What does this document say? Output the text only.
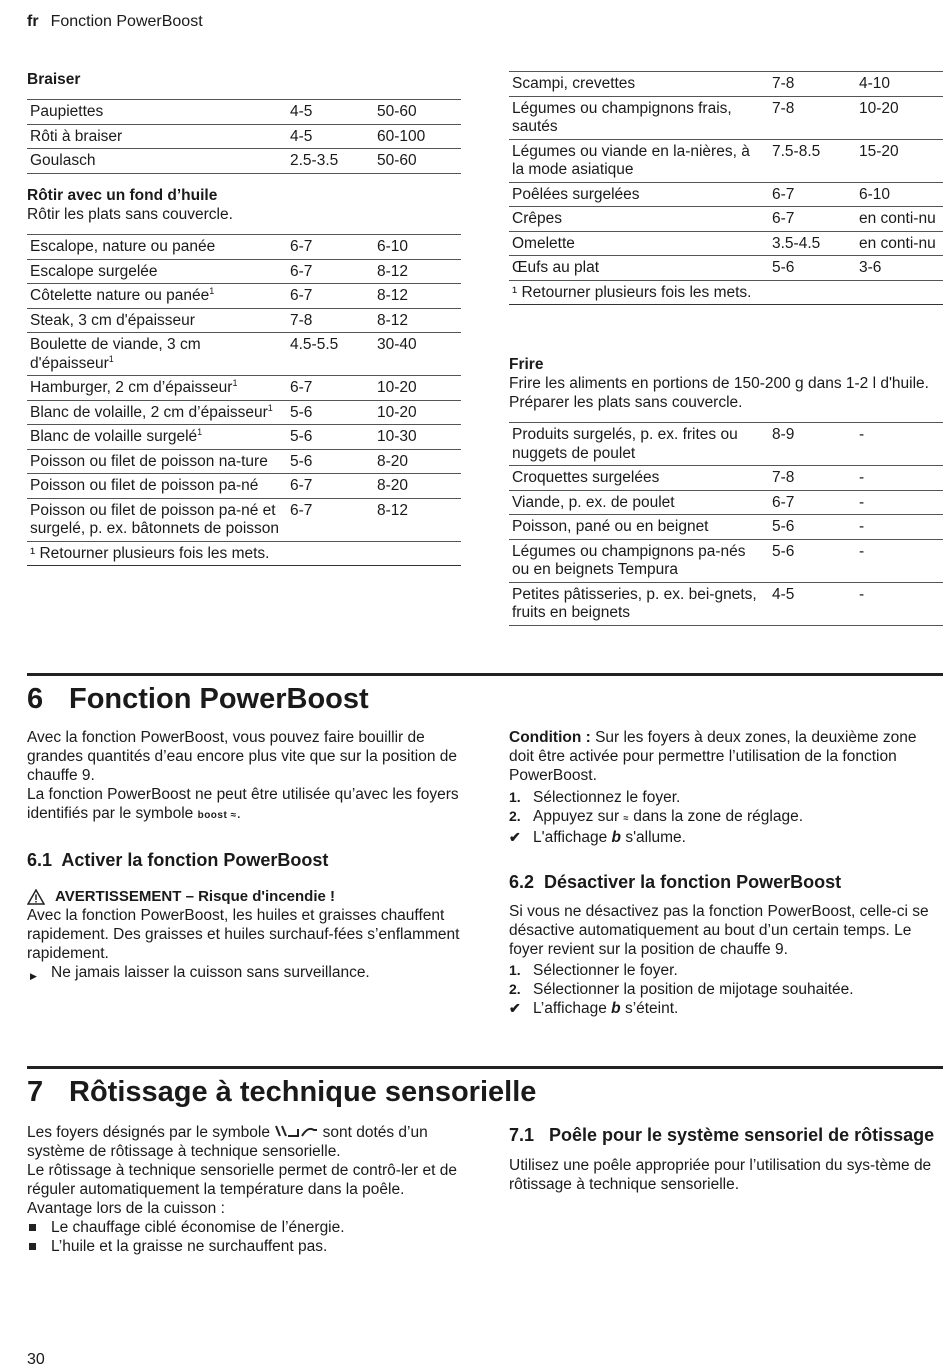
fr Fonction PowerBoost
Braiser
Paupiettes	4-5	50-60
Rôti à braiser	4-5	60-100
Goulasch	2.5-3.5	50-60
Rôtir avec un fond d’huile
Rôtir les plats sans couvercle.
Escalope, nature ou panée	6-7	6-10
Escalope surgelée	6-7	8-12
Côtelette nature ou panée$^1$	6-7	8-12
Steak, 3 cm d'épaisseur	7-8	8-12
Boulette de viande, 3 cm d'épaisseur$^1$	4.5-5.5	30-40
Hamburger, 2 cm d’épaisseur$^1$	6-7	10-20
Blanc de volaille, 2 cm d’épaisseur$^1$	5-6	10-20
Blanc de volaille surgelé$^1$	5-6	10-30
Poisson ou filet de poisson na-ture	5-6	8-20
Poisson ou filet de poisson pa-né	6-7	8-20
Poisson ou filet de poisson pa-né et surgelé, p. ex. bâtonnets de poisson	6-7	8-12
¹ Retourner plusieurs fois les mets.		
Scampi, crevettes	7-8	4-10
Légumes ou champignons frais, sautés	7-8	10-20
Légumes ou viande en la-nières, à la mode asiatique	7.5-8.5	15-20
Poêlées surgelées	6-7	6-10
Crêpes	6-7	en conti-nu
Omelette	3.5-4.5	en conti-nu
Œufs au plat	5-6	3-6
¹ Retourner plusieurs fois les mets.		
Frire
Frire les aliments en portions de 150-200 g dans 1-2 l d'huile. Préparer les plats sans couvercle.
Produits surgelés, p. ex. frites ou nuggets de poulet	8-9	-
Croquettes surgelées	7-8	-
Viande, p. ex. de poulet	6-7	-
Poisson, pané ou en beignet	5-6	-
Légumes ou champignons pa-nés ou en beignets Tempura	5-6	-
Petites pâtisseries, p. ex. bei-gnets, fruits en beignets	4-5	-
6 Fonction PowerBoost
Avec la fonction PowerBoost, vous pouvez faire bouillir de grandes quantités d’eau encore plus vite que sur la position de chauffe 9.
La fonction PowerBoost ne peut être utilisée qu’avec les foyers identifiés par le symbole boost ≈.
6.1 Activer la fonction PowerBoost
AVERTISSEMENT – Risque d'incendie !
Avec la fonction PowerBoost, les huiles et graisses chauffent rapidement. Des graisses et huiles surchauf-fées s’enflamment rapidement.
▶ Ne jamais laisser la cuisson sans surveillance.
Condition : Sur les foyers à deux zones, la deuxième zone doit être activée pour permettre l’utilisation de la fonction PowerBoost.
1. Sélectionnez le foyer.
2. Appuyez sur ≈ dans la zone de réglage.
✔ L'affichage b s'allume.
6.2 Désactiver la fonction PowerBoost
Si vous ne désactivez pas la fonction PowerBoost, celle-ci se désactive automatiquement au bout d’un certain temps. Le foyer revient sur la position de chauffe 9.
1. Sélectionner le foyer.
2. Sélectionner la position de mijotage souhaitée.
✔ L’affichage b s’éteint.
7 Rôtissage à technique sensorielle
Les foyers désignés par le symbole	sont dotés d’un système de rôtissage à technique sensorielle.
Le rôtissage à technique sensorielle permet de contrô-ler et de réguler automatiquement la température dans la poêle.
Avantage lors de la cuisson :
Le chauffage ciblé économise de l’énergie.
L’huile et la graisse ne surchauffent pas.
7.1 Poêle pour le système sensoriel de rôtissage
Utilisez une poêle appropriée pour l’utilisation du sys-tème de rôtissage à technique sensorielle.
30
